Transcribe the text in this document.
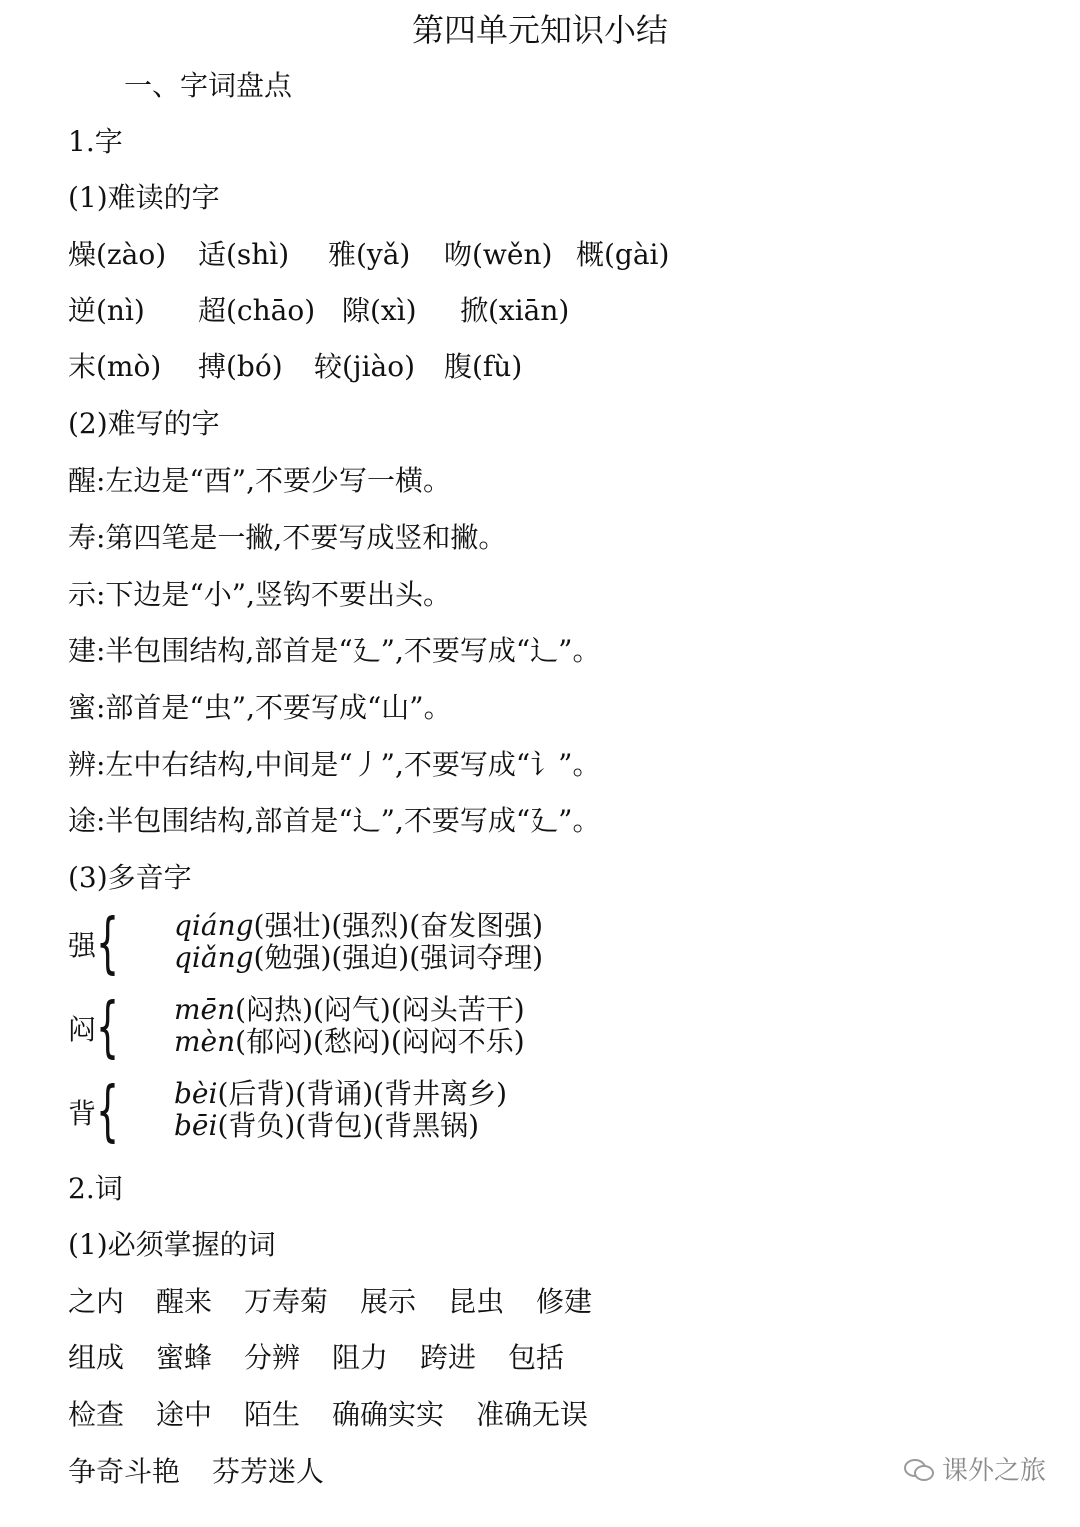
第四单元知识小结
一、字词盘点
1.字
(1)难读的字
燥(zào) 适(shì) 雅(yǎ) 吻(wěn) 概(gài)
逆(nì) 超(chāo) 隙(xì) 掀(xiān)
末(mò) 搏(bó) 较(jiào) 腹(fù)
(2)难写的字
醒:左边是“酉”,不要少写一横。
寿:第四笔是一撇,不要写成竖和撇。
示:下边是“小”,竖钩不要出头。
建:半包围结构,部首是“廴”,不要写成“辶”。
蜜:部首是“虫”,不要写成“山”。
辨:左中右结构,中间是“丿”,不要写成“讠”。
途:半包围结构,部首是“辶”,不要写成“廴”。
(3)多音字
强 { qiáng(强壮)(强烈)(奋发图强)
qiǎng(勉强)(强迫)(强词夺理)
闷 { mēn(闷热)(闷气)(闷头苦干)
mèn(郁闷)(愁闷)(闷闷不乐)
背 { bèi(后背)(背诵)(背井离乡)
bēi(背负)(背包)(背黑锅)
2.词
(1)必须掌握的词
之内 醒来 万寿菊 展示 昆虫 修建
组成 蜜蜂 分辨 阻力 跨进 包括
检查 途中 陌生 确确实实 准确无误
争奇斗艳 芬芳迷人	课外之旅
